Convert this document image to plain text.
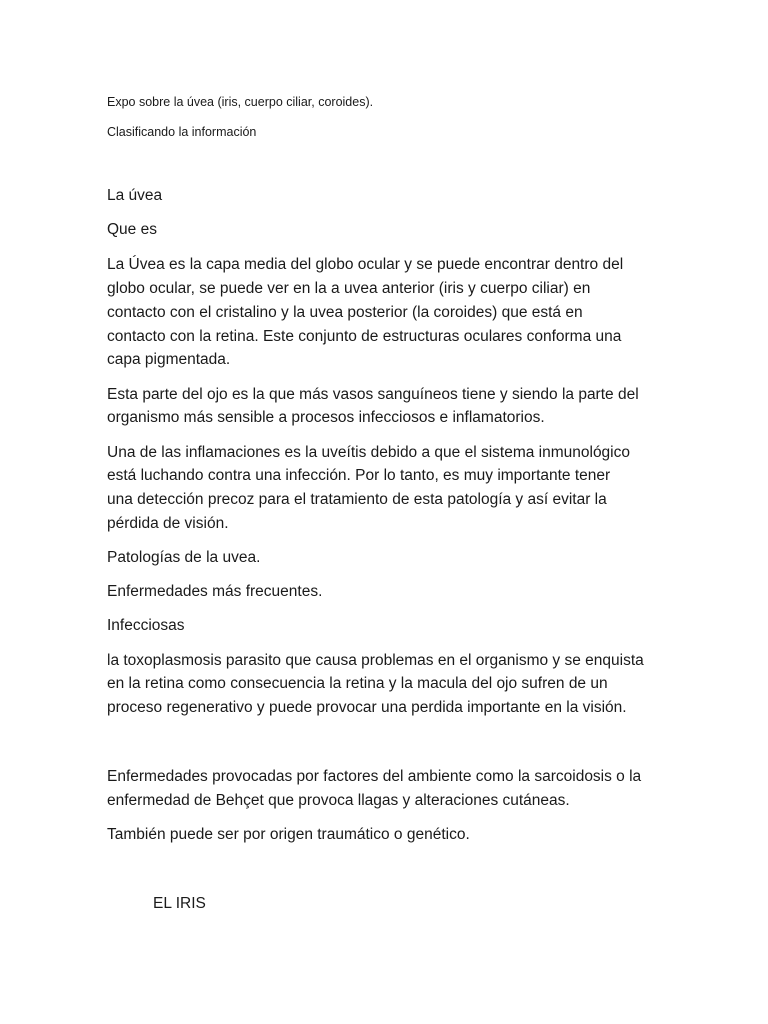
Expo sobre la úvea (iris, cuerpo ciliar, coroides).
Clasificando la información
La úvea
Que es
La Úvea es la capa media del globo ocular y se puede encontrar dentro del
globo ocular, se puede ver en la a uvea anterior (iris y cuerpo ciliar) en
contacto con el cristalino y la uvea posterior (la coroides) que está en
contacto con la retina. Este conjunto de estructuras oculares conforma una
capa pigmentada.
Esta parte del ojo es la que más vasos sanguíneos tiene y siendo la parte del
organismo más sensible a procesos infecciosos e inflamatorios.
Una de las inflamaciones es la uveítis debido a que el sistema inmunológico
está luchando contra una infección. Por lo tanto, es muy importante tener
una detección precoz para el tratamiento de esta patología y así evitar la
pérdida de visión.
Patologías de la uvea.
Enfermedades más frecuentes.
Infecciosas
la toxoplasmosis parasito que causa problemas en el organismo y se enquista
en la retina como consecuencia la retina y la macula del ojo sufren de un
proceso regenerativo y puede provocar una perdida importante en la visión.
Enfermedades provocadas por factores del ambiente como la sarcoidosis o la
enfermedad de Behçet que provoca llagas y alteraciones cutáneas.
También puede ser por origen traumático o genético.
EL IRIS
